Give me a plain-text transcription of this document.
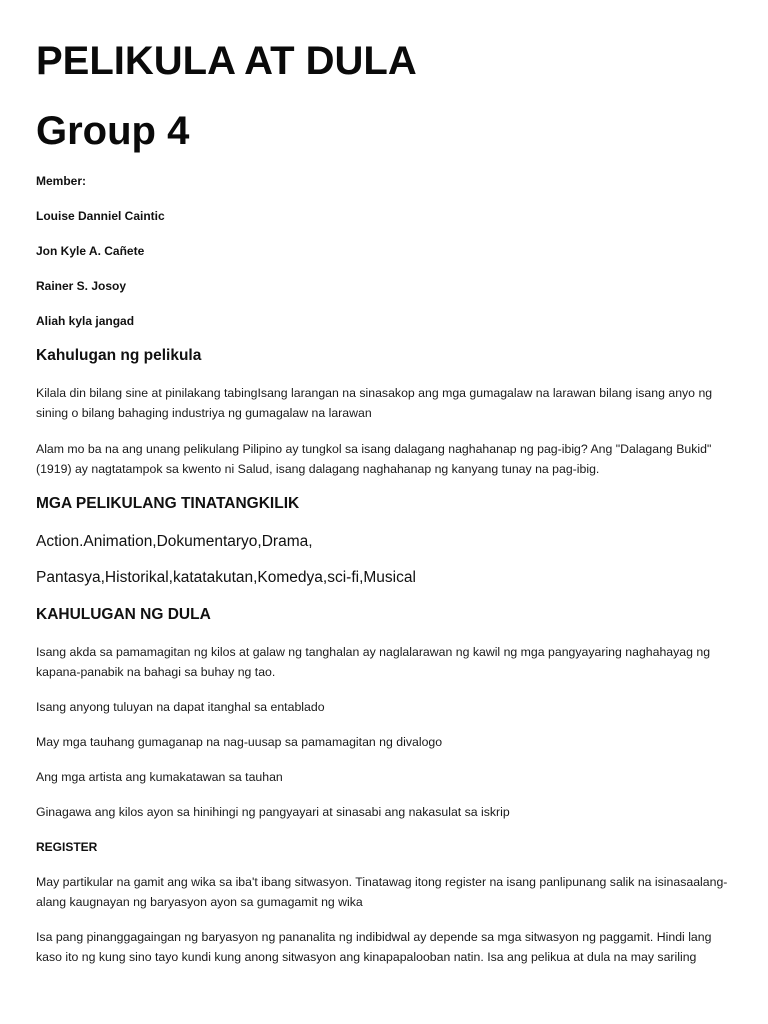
PELIKULA AT DULA
Group 4

Member:

Louise Danniel Caintic

Jon Kyle A. Cañete

Rainer S. Josoy

Aliah kyla jangad

Kahulugan ng pelikula

Kilala din bilang sine at pinilakang tabingIsang larangan na sinasakop ang mga gumagalaw na larawan bilang isang anyo ng sining o bilang bahaging industriya ng gumagalaw na larawan

Alam mo ba na ang unang pelikulang Pilipino ay tungkol sa isang dalagang naghahanap ng pag-ibig? Ang "Dalagang Bukid" (1919) ay nagtatampok sa kwento ni Salud, isang dalagang naghahanap ng kanyang tunay na pag-ibig.

MGA PELIKULANG TINATANGKILIK

Action.Animation,Dokumentaryo,Drama,

Pantasya,Historikal,katatakutan,Komedya,sci-fi,Musical

KAHULUGAN NG DULA

Isang akda sa pamamagitan ng kilos at galaw ng tanghalan ay naglalarawan ng kawil ng mga pangyayaring naghahayag ng kapana-panabik na bahagi sa buhay ng tao.

Isang anyong tuluyan na dapat itanghal sa entablado

May mga tauhang gumaganap na nag-uusap sa pamamagitan ng divalogo

Ang mga artista ang kumakatawan sa tauhan

Ginagawa ang kilos ayon sa hinihingi ng pangyayari at sinasabi ang nakasulat sa iskrip

REGISTER

May partikular na gamit ang wika sa iba't ibang sitwasyon. Tinatawag itong register na isang panlipunang salik na isinasaalang-alang kaugnayan ng baryasyon ayon sa gumagamit ng wika

Isa pang pinanggagaingan ng baryasyon ng pananalita ng indibidwal ay depende sa mga sitwasyon ng paggamit. Hindi lang kaso ito ng kung sino tayo kundi kung anong sitwasyon ang kinapapalooban natin. Isa ang pelikua at dula na may sariling
